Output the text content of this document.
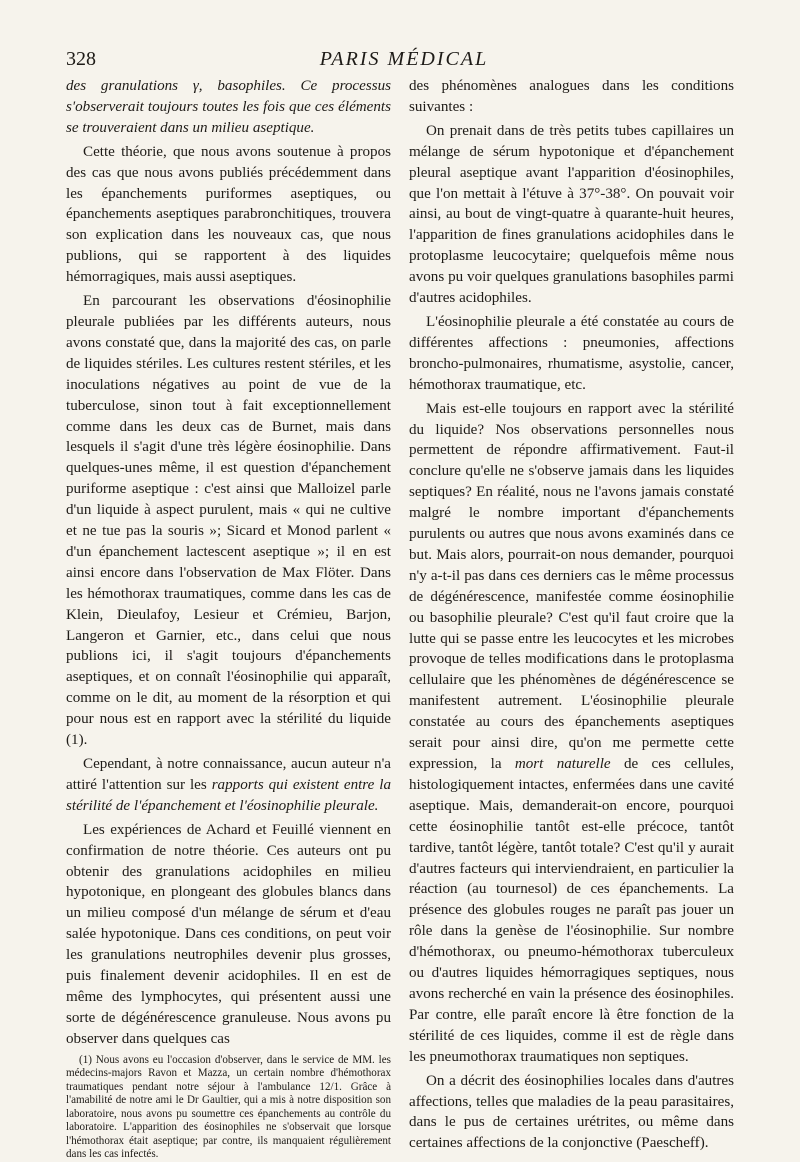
328	PARIS MÉDICAL

des granulations γ, basophiles. Ce processus s'observerait toujours toutes les fois que ces éléments se trouveraient dans un milieu aseptique.

Cette théorie, que nous avons soutenue à propos des cas que nous avons publiés précédemment dans les épanchements puriformes aseptiques, ou épanchements aseptiques parabronchitiques, trouvera son explication dans les nouveaux cas, que nous publions, qui se rapportent à des liquides hémorragiques, mais aussi aseptiques.

En parcourant les observations d'éosinophilie pleurale publiées par les différents auteurs, nous avons constaté que, dans la majorité des cas, on parle de liquides stériles. Les cultures restent stériles, et les inoculations négatives au point de vue de la tuberculose, sinon tout à fait exceptionnellement comme dans les deux cas de Burnet, mais dans lesquels il s'agit d'une très légère éosinophilie. Dans quelques-unes même, il est question d'épanchement puriforme aseptique : c'est ainsi que Malloizel parle d'un liquide à aspect purulent, mais « qui ne cultive et ne tue pas la souris »; Sicard et Monod parlent « d'un épanchement lactescent aseptique »; il en est ainsi encore dans l'observation de Max Flöter. Dans les hémothorax traumatiques, comme dans les cas de Klein, Dieulafoy, Lesieur et Crémieu, Barjon, Langeron et Garnier, etc., dans celui que nous publions ici, il s'agit toujours d'épanchements aseptiques, et on connaît l'éosinophilie qui apparaît, comme on le dit, au moment de la résorption et qui pour nous est en rapport avec la stérilité du liquide (1).

Cependant, à notre connaissance, aucun auteur n'a attiré l'attention sur les rapports qui existent entre la stérilité de l'épanchement et l'éosinophilie pleurale.

Les expériences de Achard et Feuillé viennent en confirmation de notre théorie. Ces auteurs ont pu obtenir des granulations acidophiles en milieu hypotonique, en plongeant des globules blancs dans un milieu composé d'un mélange de sérum et d'eau salée hypotonique. Dans ces conditions, on peut voir les granulations neutrophiles devenir plus grosses, puis finalement devenir acidophiles. Il en est de même des lymphocytes, qui présentent aussi une sorte de dégénérescence granuleuse. Nous avons pu observer dans quelques cas

(1) Nous avons eu l'occasion d'observer, dans le service de MM. les médecins-majors Ravon et Mazza, un certain nombre d'hémothorax traumatiques pendant notre séjour à l'ambulance 12/1. Grâce à l'amabilité de notre ami le Dr Gaultier, qui a mis à notre disposition son laboratoire, nous avons pu soumettre ces épanchements au contrôle du laboratoire. L'apparition des éosinophiles ne s'observait que lorsque l'hémothorax était aseptique; par contre, ils manquaient régulièrement dans les cas infectés.

des phénomènes analogues dans les conditions suivantes :

On prenait dans de très petits tubes capillaires un mélange de sérum hypotonique et d'épanchement pleural aseptique avant l'apparition d'éosinophiles, que l'on mettait à l'étuve à 37°-38°. On pouvait voir ainsi, au bout de vingt-quatre à quarante-huit heures, l'apparition de fines granulations acidophiles dans le protoplasme leucocytaire; quelquefois même nous avons pu voir quelques granulations basophiles parmi d'autres acidophiles.

L'éosinophilie pleurale a été constatée au cours de différentes affections : pneumonies, affections broncho-pulmonaires, rhumatisme, asystolie, cancer, hémothorax traumatique, etc.

Mais est-elle toujours en rapport avec la stérilité du liquide? Nos observations personnelles nous permettent de répondre affirmativement. Faut-il conclure qu'elle ne s'observe jamais dans les liquides septiques? En réalité, nous ne l'avons jamais constaté malgré le nombre important d'épanchements purulents ou autres que nous avons examinés dans ce but. Mais alors, pourrait-on nous demander, pourquoi n'y a-t-il pas dans ces derniers cas le même processus de dégénérescence, manifestée comme éosinophilie ou basophilie pleurale? C'est qu'il faut croire que la lutte qui se passe entre les leucocytes et les microbes provoque de telles modifications dans le protoplasma cellulaire que les phénomènes de dégénérescence se manifestent autrement. L'éosinophilie pleurale constatée au cours des épanchements aseptiques serait pour ainsi dire, qu'on me permette cette expression, la mort naturelle de ces cellules, histologiquement intactes, enfermées dans une cavité aseptique. Mais, demanderait-on encore, pourquoi cette éosinophilie tantôt est-elle précoce, tantôt tardive, tantôt légère, tantôt totale? C'est qu'il y aurait d'autres facteurs qui interviendraient, en particulier la réaction (au tournesol) de ces épanchements. La présence des globules rouges ne paraît pas jouer un rôle dans la genèse de l'éosinophilie. Sur nombre d'hémothorax, ou pneumo-hémothorax tuberculeux ou d'autres liquides hémorragiques septiques, nous avons recherché en vain la présence des éosinophiles. Par contre, elle paraît encore là être fonction de la stérilité de ces liquides, comme il est de règle dans les pneumothorax traumatiques non septiques.

On a décrit des éosinophilies locales dans d'autres affections, telles que maladies de la peau parasitaires, dans le pus de certaines urétrites, ou même dans certaines affections de la conjonctive (Paescheff).
